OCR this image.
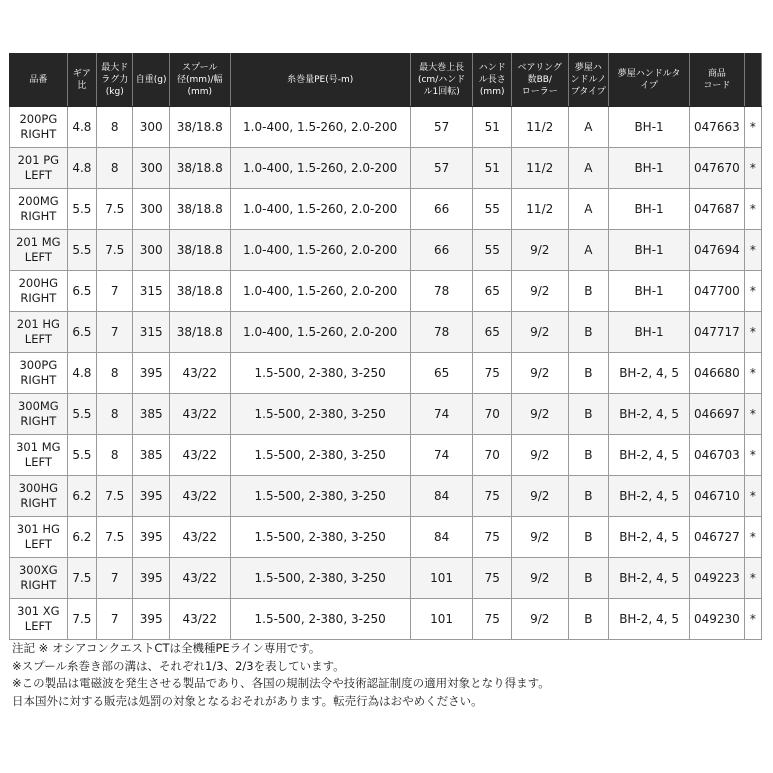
品番	ギア
比	最大ド
ラグ力
(kg)	自重(g)	スプール
径(mm)/幅
(mm)	糸巻量PE(号-m)	最大巻上長
(cm/ハンド
ル1回転)	ハンド
ル長さ
(mm)	ベアリング
数BB/
ローラー	夢屋ハ
ンドルノ
ブタイプ	夢屋ハンドルタ
イプ	商品
コード	
200PG
RIGHT	4.8	8	300	38/18.8	1.0-400, 1.5-260, 2.0-200	57	51	11/2	A	BH-1	047663	*
201 PG
LEFT	4.8	8	300	38/18.8	1.0-400, 1.5-260, 2.0-200	57	51	11/2	A	BH-1	047670	*
200MG
RIGHT	5.5	7.5	300	38/18.8	1.0-400, 1.5-260, 2.0-200	66	55	11/2	A	BH-1	047687	*
201 MG
LEFT	5.5	7.5	300	38/18.8	1.0-400, 1.5-260, 2.0-200	66	55	9/2	A	BH-1	047694	*
200HG
RIGHT	6.5	7	315	38/18.8	1.0-400, 1.5-260, 2.0-200	78	65	9/2	B	BH-1	047700	*
201 HG
LEFT	6.5	7	315	38/18.8	1.0-400, 1.5-260, 2.0-200	78	65	9/2	B	BH-1	047717	*
300PG
RIGHT	4.8	8	395	43/22	1.5-500, 2-380, 3-250	65	75	9/2	B	BH-2, 4, 5	046680	*
300MG
RIGHT	5.5	8	385	43/22	1.5-500, 2-380, 3-250	74	70	9/2	B	BH-2, 4, 5	046697	*
301 MG
LEFT	5.5	8	385	43/22	1.5-500, 2-380, 3-250	74	70	9/2	B	BH-2, 4, 5	046703	*
300HG
RIGHT	6.2	7.5	395	43/22	1.5-500, 2-380, 3-250	84	75	9/2	B	BH-2, 4, 5	046710	*
301 HG
LEFT	6.2	7.5	395	43/22	1.5-500, 2-380, 3-250	84	75	9/2	B	BH-2, 4, 5	046727	*
300XG
RIGHT	7.5	7	395	43/22	1.5-500, 2-380, 3-250	101	75	9/2	B	BH-2, 4, 5	049223	*
301 XG
LEFT	7.5	7	395	43/22	1.5-500, 2-380, 3-250	101	75	9/2	B	BH-2, 4, 5	049230	*
注記 ※ オシアコンクエストCTは全機種PEライン専用です。
※スプール糸巻き部の溝は、それぞれ1/3、2/3を表しています。
※この製品は電磁波を発生させる製品であり、各国の規制法令や技術認証制度の適用対象となり得ます。
日本国外に対する販売は処罰の対象となるおそれがあります。転売行為はおやめください。
